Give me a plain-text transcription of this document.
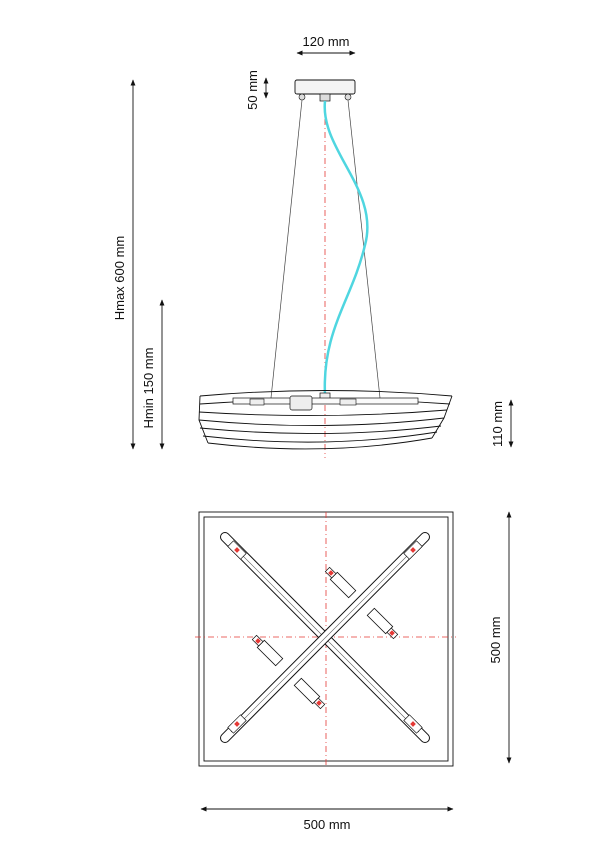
120 mm
50 mm
Hmax 600 mm
Hmin 150 mm	110 mm
500 mm
500 mm
